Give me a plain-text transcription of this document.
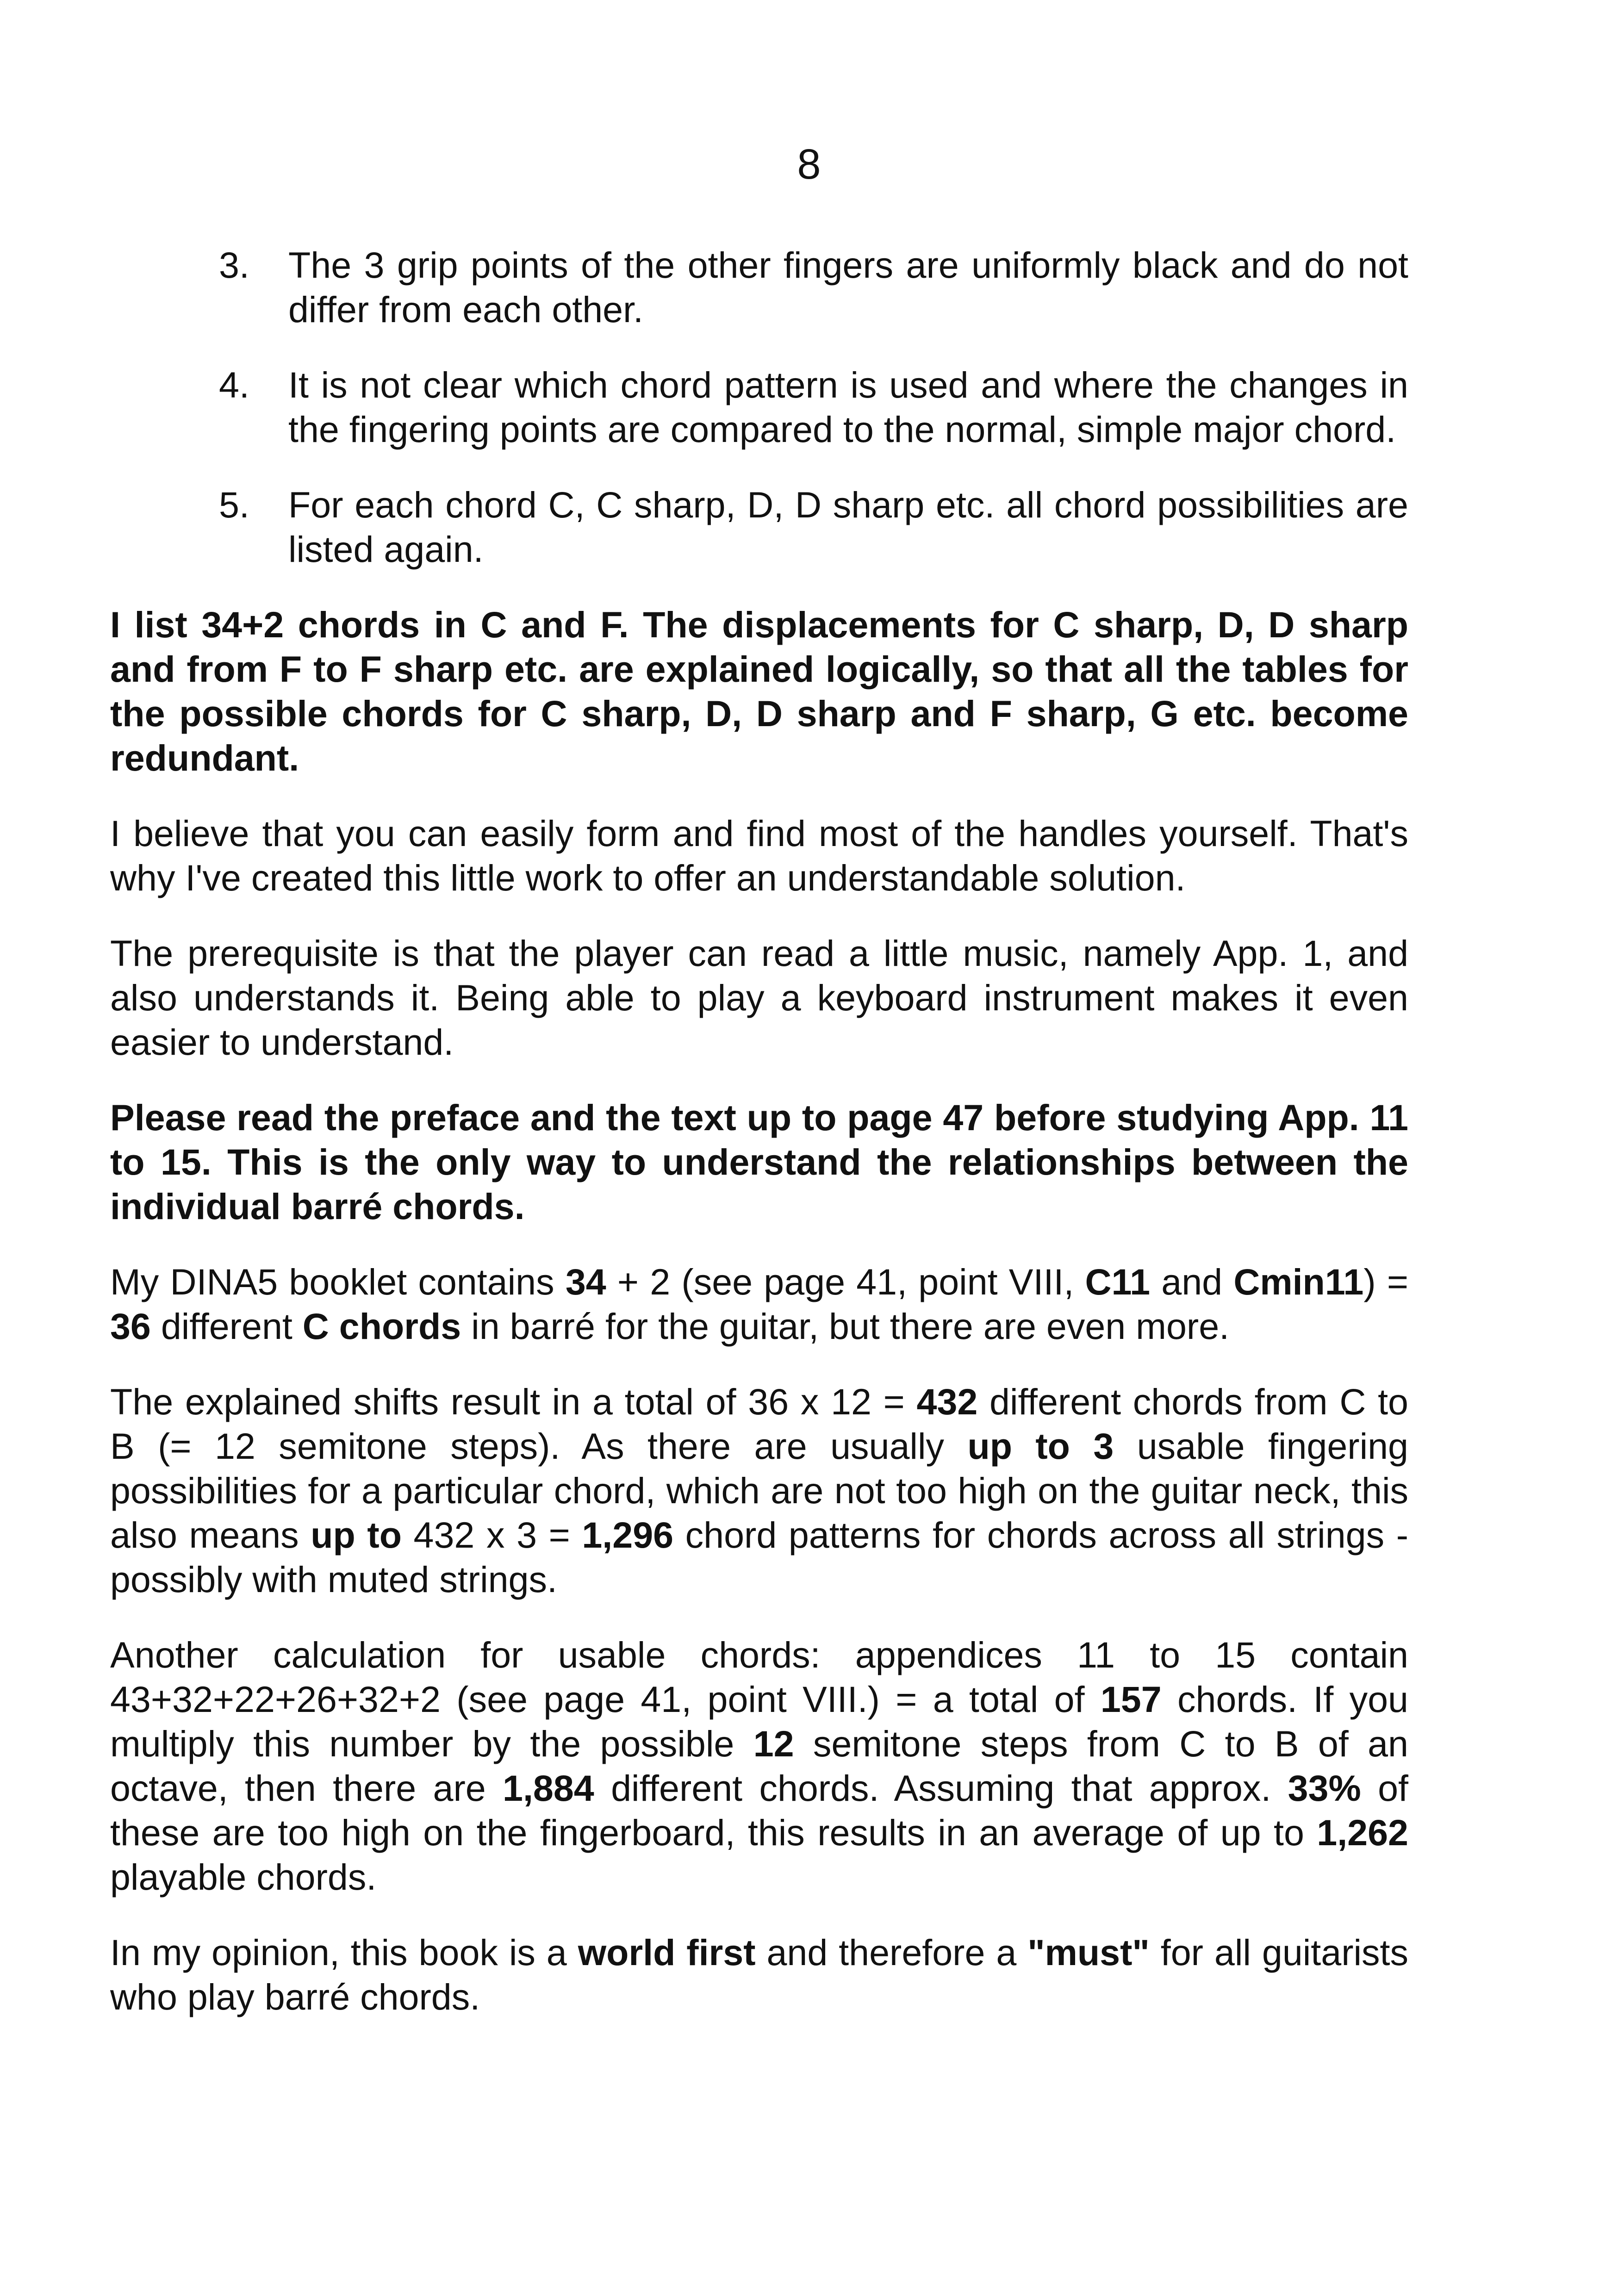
8
3. The 3 grip points of the other fingers are uniformly black and do not differ from each other.
4. It is not clear which chord pattern is used and where the changes in the fingering points are compared to the normal, simple major chord.
5. For each chord C, C sharp, D, D sharp etc. all chord possibilities are listed again.

I list 34+2 chords in C and F. The displacements for C sharp, D, D sharp and from F to F sharp etc. are explained logically, so that all the tables for the possible chords for C sharp, D, D sharp and F sharp, G etc. become redundant.

I believe that you can easily form and find most of the handles yourself. That's why I've created this little work to offer an understandable solution.

The prerequisite is that the player can read a little music, namely App. 1, and also understands it. Being able to play a keyboard instrument makes it even easier to understand.

Please read the preface and the text up to page 47 before studying App. 11 to 15. This is the only way to understand the relationships between the individual barré chords.

My DINA5 booklet contains 34 + 2 (see page 41, point VIII, C11 and Cmin11) = 36 different C chords in barré for the guitar, but there are even more.

The explained shifts result in a total of 36 x 12 = 432 different chords from C to B (= 12 semitone steps). As there are usually up to 3 usable fingering possibilities for a particular chord, which are not too high on the guitar neck, this also means up to 432 x 3 = 1,296 chord patterns for chords across all strings - possibly with muted strings.

Another calculation for usable chords: appendices 11 to 15 contain 43+32+22+26+32+2 (see page 41, point VIII.) = a total of 157 chords. If you multiply this number by the possible 12 semitone steps from C to B of an octave, then there are 1,884 different chords. Assuming that approx. 33% of these are too high on the fingerboard, this results in an average of up to 1,262 playable chords.

In my opinion, this book is a world first and therefore a "must" for all guitarists who play barré chords.
